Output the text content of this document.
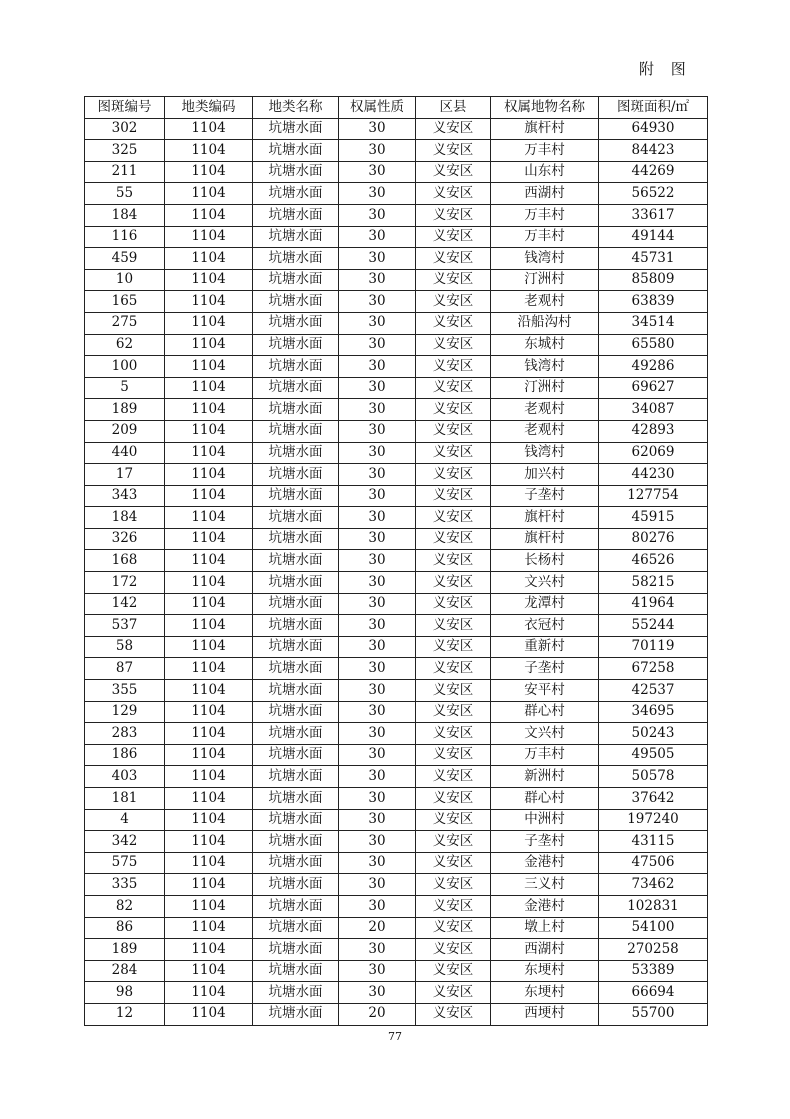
附 图
图斑编号	地类编码	地类名称	权属性质	区县	权属地物名称	图斑面积/㎡
302	1104	坑塘水面	30	义安区	旗杆村	64930
325	1104	坑塘水面	30	义安区	万丰村	84423
211	1104	坑塘水面	30	义安区	山东村	44269
55	1104	坑塘水面	30	义安区	西湖村	56522
184	1104	坑塘水面	30	义安区	万丰村	33617
116	1104	坑塘水面	30	义安区	万丰村	49144
459	1104	坑塘水面	30	义安区	钱湾村	45731
10	1104	坑塘水面	30	义安区	汀洲村	85809
165	1104	坑塘水面	30	义安区	老观村	63839
275	1104	坑塘水面	30	义安区	沿船沟村	34514
62	1104	坑塘水面	30	义安区	东城村	65580
100	1104	坑塘水面	30	义安区	钱湾村	49286
5	1104	坑塘水面	30	义安区	汀洲村	69627
189	1104	坑塘水面	30	义安区	老观村	34087
209	1104	坑塘水面	30	义安区	老观村	42893
440	1104	坑塘水面	30	义安区	钱湾村	62069
17	1104	坑塘水面	30	义安区	加兴村	44230
343	1104	坑塘水面	30	义安区	子垄村	127754
184	1104	坑塘水面	30	义安区	旗杆村	45915
326	1104	坑塘水面	30	义安区	旗杆村	80276
168	1104	坑塘水面	30	义安区	长杨村	46526
172	1104	坑塘水面	30	义安区	文兴村	58215
142	1104	坑塘水面	30	义安区	龙潭村	41964
537	1104	坑塘水面	30	义安区	衣冠村	55244
58	1104	坑塘水面	30	义安区	重新村	70119
87	1104	坑塘水面	30	义安区	子垄村	67258
355	1104	坑塘水面	30	义安区	安平村	42537
129	1104	坑塘水面	30	义安区	群心村	34695
283	1104	坑塘水面	30	义安区	文兴村	50243
186	1104	坑塘水面	30	义安区	万丰村	49505
403	1104	坑塘水面	30	义安区	新洲村	50578
181	1104	坑塘水面	30	义安区	群心村	37642
4	1104	坑塘水面	30	义安区	中洲村	197240
342	1104	坑塘水面	30	义安区	子垄村	43115
575	1104	坑塘水面	30	义安区	金港村	47506
335	1104	坑塘水面	30	义安区	三义村	73462
82	1104	坑塘水面	30	义安区	金港村	102831
86	1104	坑塘水面	20	义安区	墩上村	54100
189	1104	坑塘水面	30	义安区	西湖村	270258
284	1104	坑塘水面	30	义安区	东埂村	53389
98	1104	坑塘水面	30	义安区	东埂村	66694
12	1104	坑塘水面	20	义安区	西埂村	55700
77
